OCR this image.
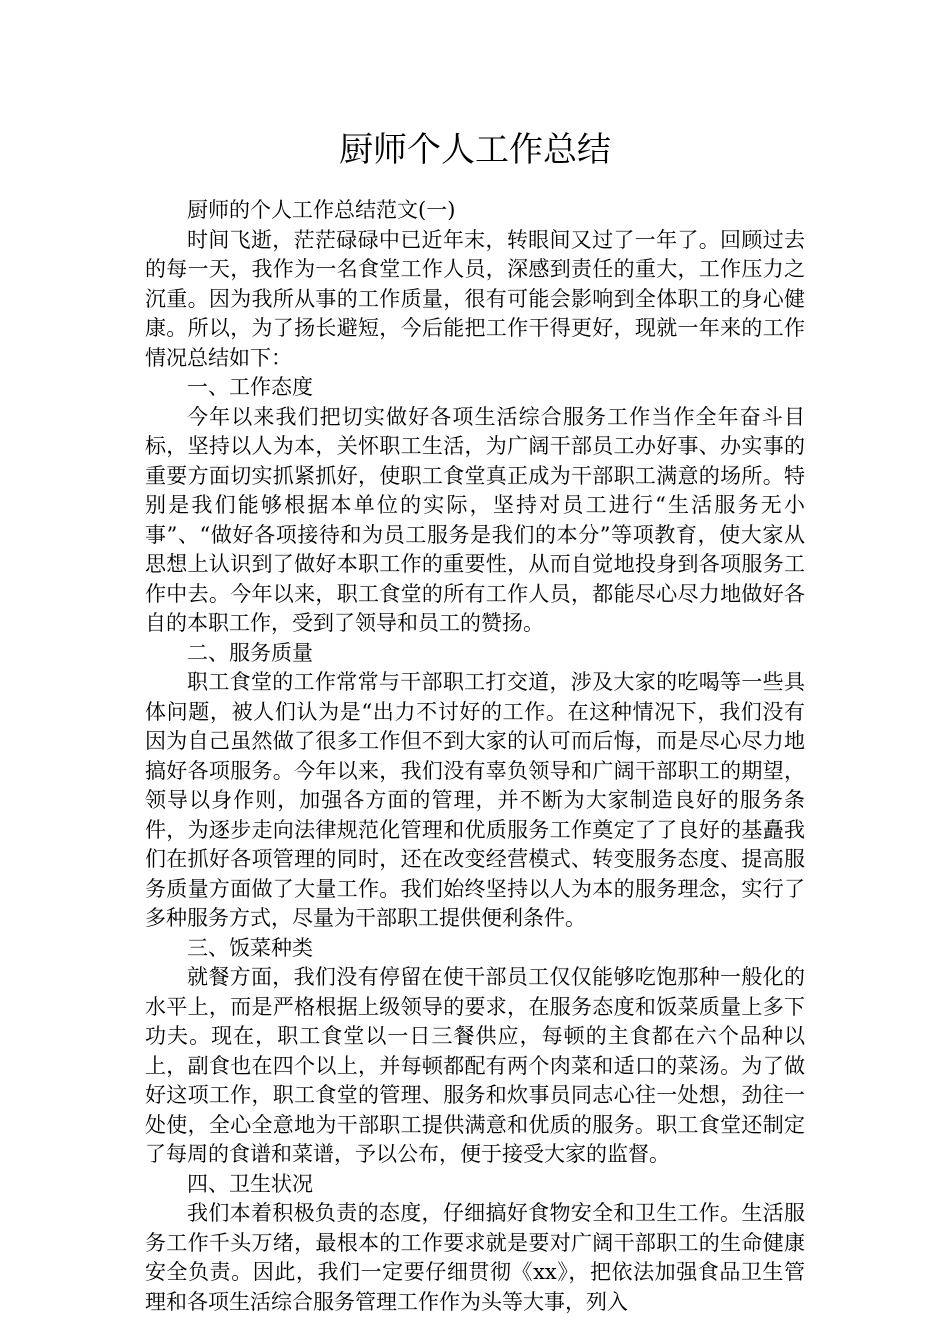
厨师个人工作总结

厨师的个人工作总结范文(一)

时间飞逝，茫茫碌碌中已近年末，转眼间又过了一年了。回顾过去的每一天，我作为一名食堂工作人员，深感到责任的重大，工作压力之沉重。因为我所从事的工作质量，很有可能会影响到全体职工的身心健康。所以，为了扬长避短，今后能把工作干得更好，现就一年来的工作情况总结如下：

一、工作态度

今年以来我们把切实做好各项生活综合服务工作当作全年奋斗目标，坚持以人为本，关怀职工生活，为广阔干部员工办好事、办实事的重要方面切实抓紧抓好，使职工食堂真正成为干部职工满意的场所。特别是我们能够根据本单位的实际，坚持对员工进行“生活服务无小事”、“做好各项接待和为员工服务是我们的本分”等项教育，使大家从思想上认识到了做好本职工作的重要性，从而自觉地投身到各项服务工作中去。今年以来，职工食堂的所有工作人员，都能尽心尽力地做好各自的本职工作，受到了领导和员工的赞扬。

二、服务质量

职工食堂的工作常常与干部职工打交道，涉及大家的吃喝等一些具体问题，被人们认为是“出力不讨好的工作。在这种情况下，我们没有因为自己虽然做了很多工作但不到大家的认可而后悔，而是尽心尽力地搞好各项服务。今年以来，我们没有辜负领导和广阔干部职工的期望，领导以身作则，加强各方面的管理，并不断为大家制造良好的服务条件，为逐步走向法律规范化管理和优质服务工作奠定了了良好的基矗我们在抓好各项管理的同时，还在改变经营模式、转变服务态度、提高服务质量方面做了大量工作。我们始终坚持以人为本的服务理念，实行了多种服务方式，尽量为干部职工提供便利条件。

三、饭菜种类

就餐方面，我们没有停留在使干部员工仅仅能够吃饱那种一般化的水平上，而是严格根据上级领导的要求，在服务态度和饭菜质量上多下功夫。现在，职工食堂以一日三餐供应，每顿的主食都在六个品种以上，副食也在四个以上，并每顿都配有两个肉菜和适口的菜汤。为了做好这项工作，职工食堂的管理、服务和炊事员同志心往一处想，劲往一处使，全心全意地为干部职工提供满意和优质的服务。职工食堂还制定了每周的食谱和菜谱，予以公布，便于接受大家的监督。

四、卫生状况

我们本着积极负责的态度，仔细搞好食物安全和卫生工作。生活服务工作千头万绪，最根本的工作要求就是要对广阔干部职工的生命健康安全负责。因此，我们一定要仔细贯彻《xx》，把依法加强食品卫生管理和各项生活综合服务管理工作作为头等大事，列入
